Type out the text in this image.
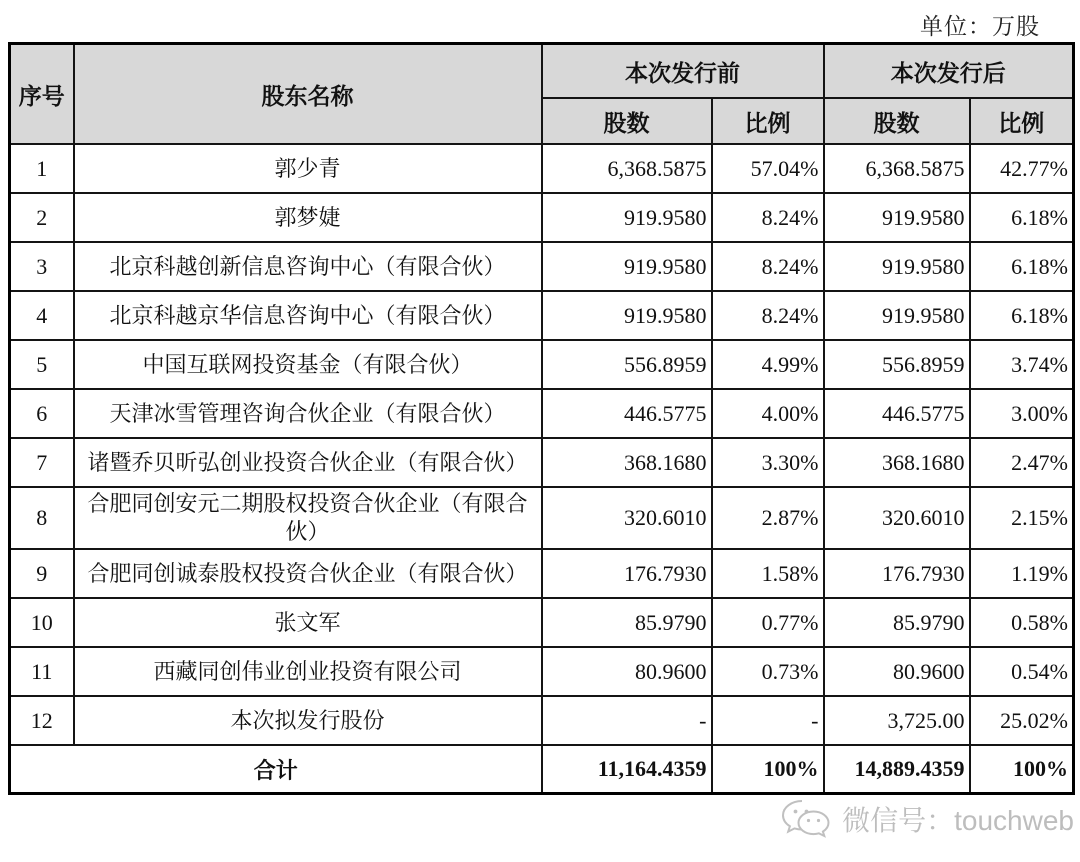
单位：万股
序号	股东名称	本次发行前		本次发行后	
		股数	比例	股数	比例
1	郭少青	6,368.5875	57.04%	6,368.5875	42.77%
2	郭梦婕	919.9580	8.24%	919.9580	6.18%
3	北京科越创新信息咨询中心（有限合伙）	919.9580	8.24%	919.9580	6.18%
4	北京科越京华信息咨询中心（有限合伙）	919.9580	8.24%	919.9580	6.18%
5	中国互联网投资基金（有限合伙）	556.8959	4.99%	556.8959	3.74%
6	天津冰雪管理咨询合伙企业（有限合伙）	446.5775	4.00%	446.5775	3.00%
7	诸暨乔贝昕弘创业投资合伙企业（有限合伙）	368.1680	3.30%	368.1680	2.47%
8	合肥同创安元二期股权投资合伙企业（有限合伙）	320.6010	2.87%	320.6010	2.15%
9	合肥同创诚泰股权投资合伙企业（有限合伙）	176.7930	1.58%	176.7930	1.19%
10	张文军	85.9790	0.77%	85.9790	0.58%
11	西藏同创伟业创业投资有限公司	80.9600	0.73%	80.9600	0.54%
12	本次拟发行股份	-	-	3,725.00	25.02%
合计		11,164.4359	100%	14,889.4359	100%
微信号：touchweb
